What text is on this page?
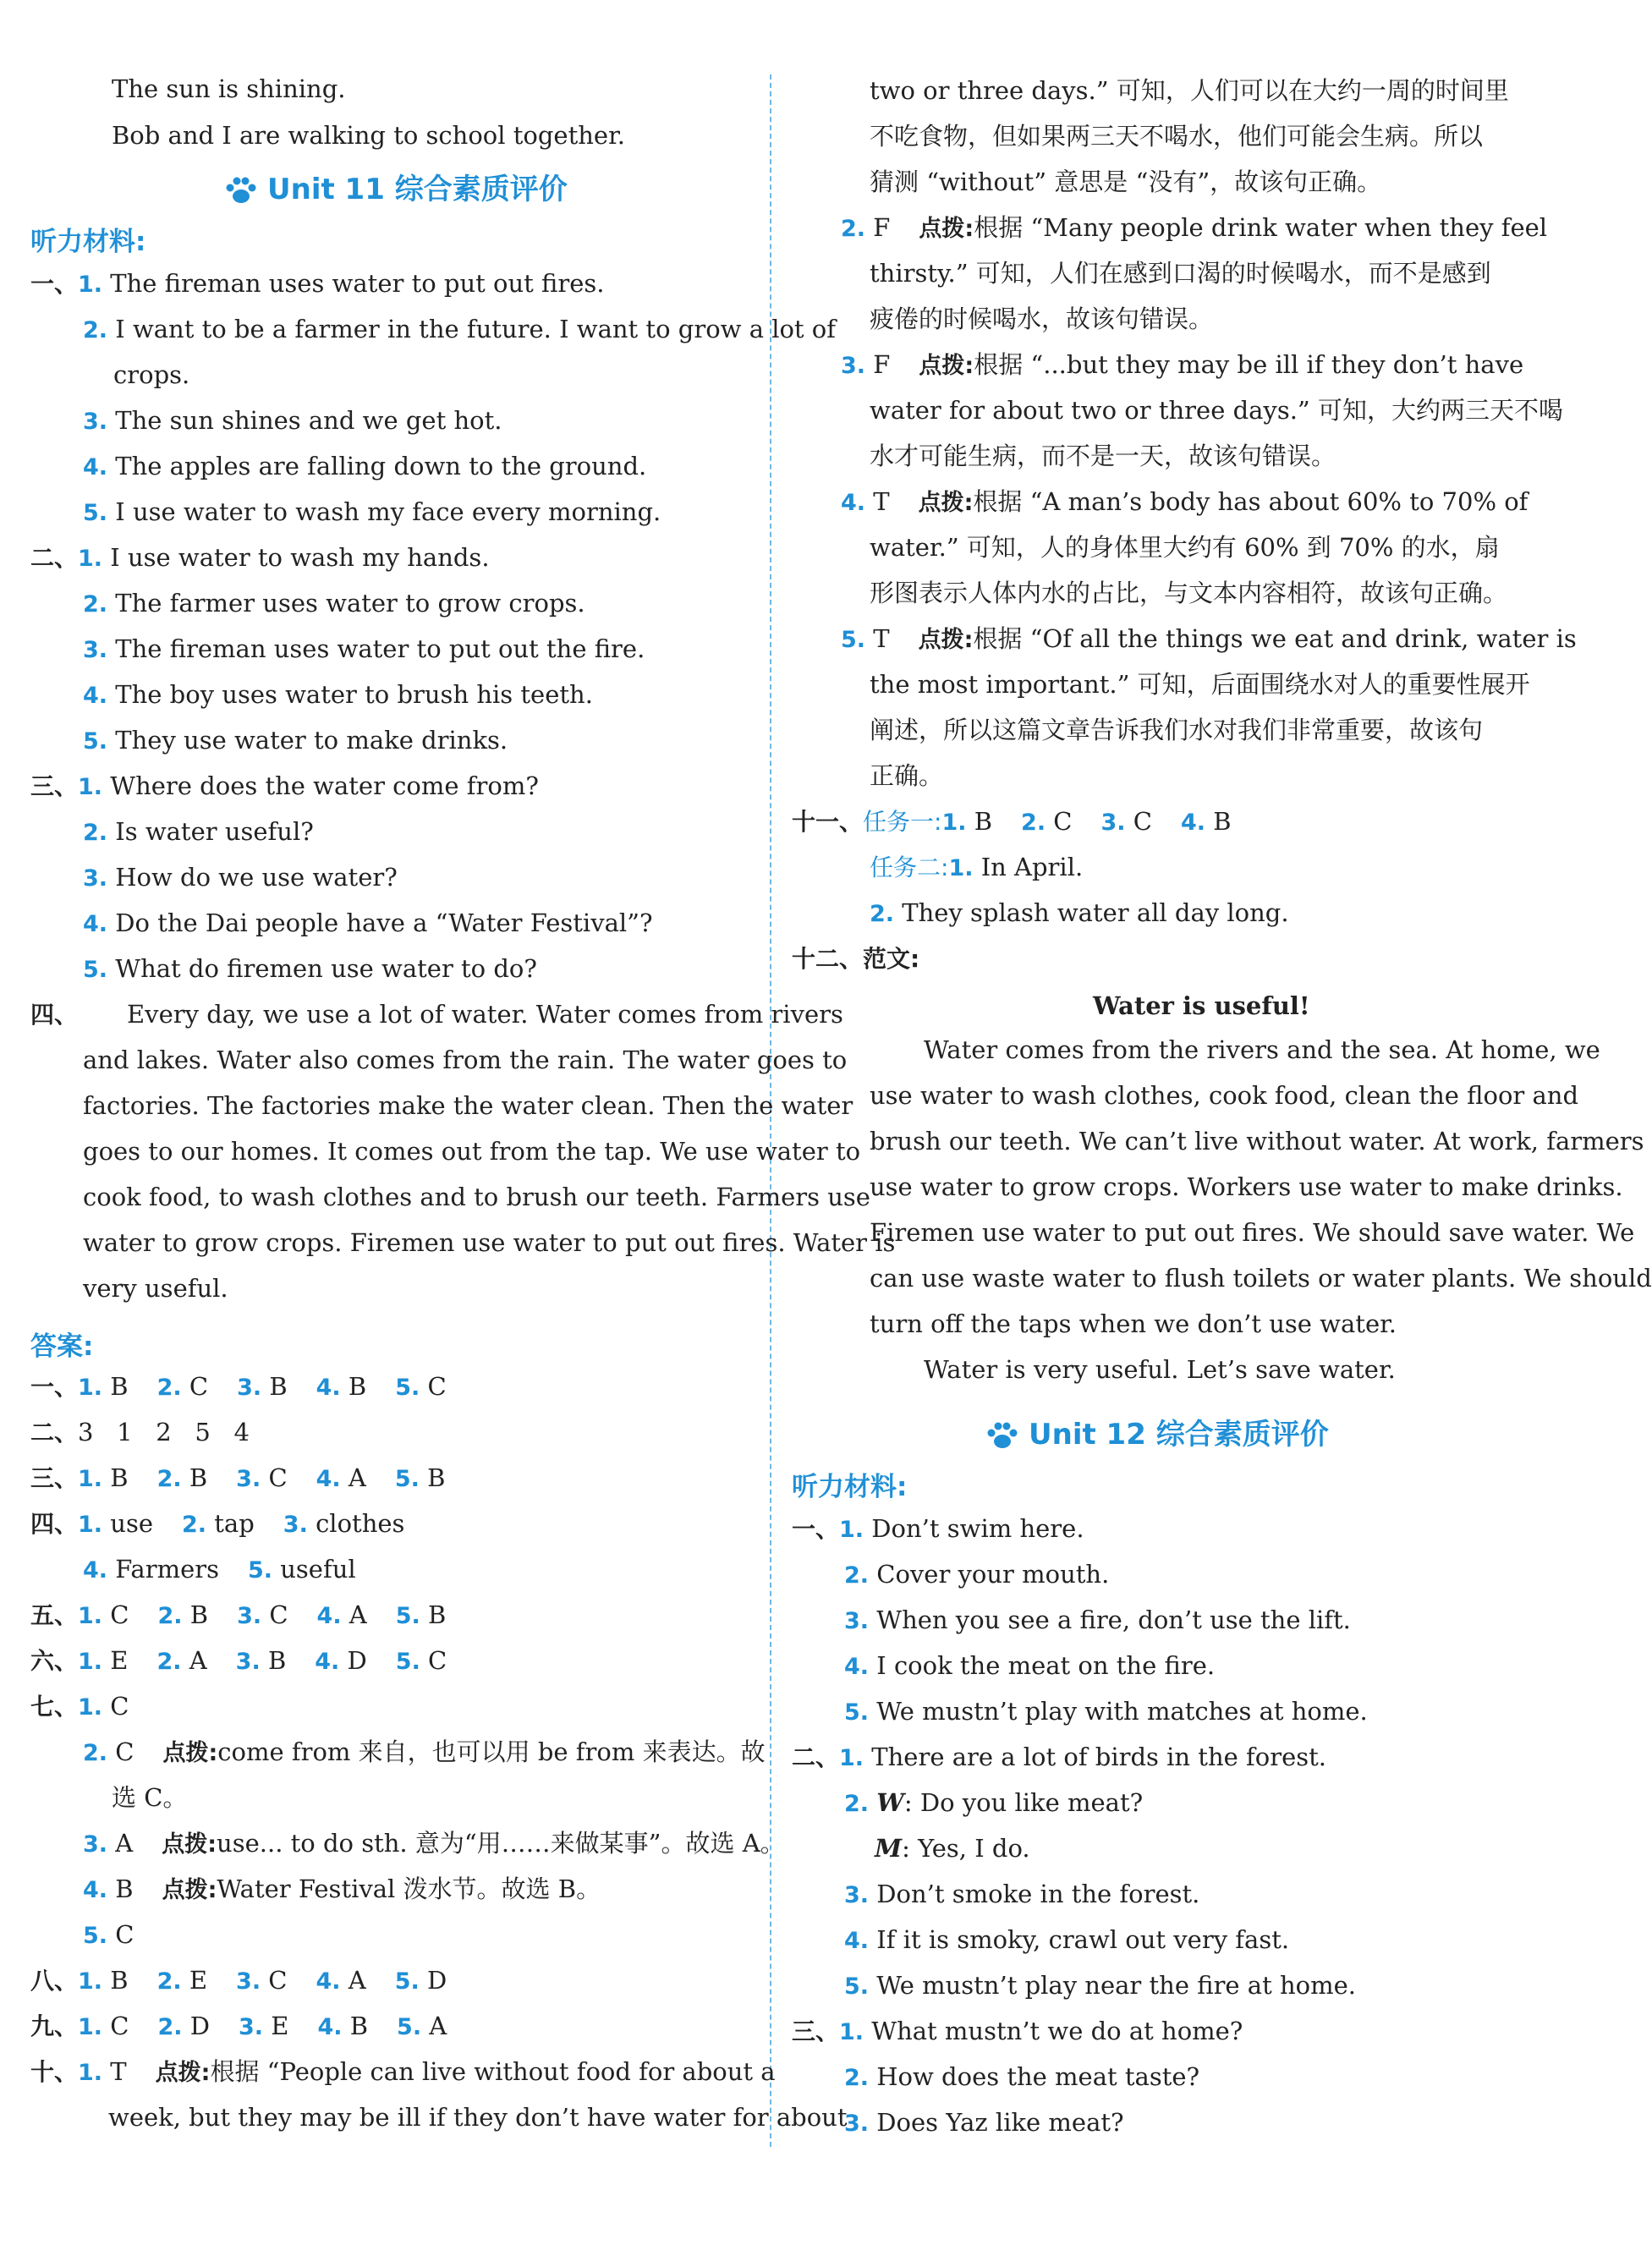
The sun is shining.
Bob and I are walking to school together.
Unit 11 综合素质评价
听力材料:
一、1. The fireman uses water to put out fires.
2. I want to be a farmer in the future. I want to grow a lot of
crops.
3. The sun shines and we get hot.
4. The apples are falling down to the ground.
5. I use water to wash my face every morning.
二、1. I use water to wash my hands.
2. The farmer uses water to grow crops.
3. The fireman uses water to put out the fire.
4. The boy uses water to brush his teeth.
5. They use water to make drinks.
三、1. Where does the water come from?
2. Is water useful?
3. How do we use water?
4. Do the Dai people have a “Water Festival”?
5. What do firemen use water to do?
四、 Every day, we use a lot of water. Water comes from rivers
and lakes. Water also comes from the rain. The water goes to
factories. The factories make the water clean. Then the water
goes to our homes. It comes out from the tap. We use water to
cook food, to wash clothes and to brush our teeth. Farmers use
water to grow crops. Firemen use water to put out fires. Water is
very useful.
答案:
一、1. B 2. C 3. B 4. B 5. C
二、3   1   2   5   4
三、1. B 2. B 3. C 4. A 5. B
四、1. use 2. tap 3. clothes
4. Farmers 5. useful
五、1. C 2. B 3. C 4. A 5. B
六、1. E 2. A 3. B 4. D 5. C
七、1. C
2. C 点拨:come from 来自，也可以用 be from 来表达。故
选 C。
3. A 点拨:use... to do sth. 意为“用……来做某事”。故选 A。
4. B 点拨:Water Festival 泼水节。故选 B。
5. C
八、1. B 2. E 3. C 4. A 5. D
九、1. C 2. D 3. E 4. B 5. A
十、1. T 点拨:根据 “People can live without food for about a
week, but they may be ill if they don’t have water for about
two or three days.” 可知，人们可以在大约一周的时间里
不吃食物，但如果两三天不喝水，他们可能会生病。所以
猜测 “without” 意思是 “没有”，故该句正确。
2. F 点拨:根据 “Many people drink water when they feel
thirsty.” 可知，人们在感到口渴的时候喝水，而不是感到
疲倦的时候喝水，故该句错误。
3. F 点拨:根据 “...but they may be ill if they don’t have
water for about two or three days.” 可知，大约两三天不喝
水才可能生病，而不是一天，故该句错误。
4. T 点拨:根据 “A man’s body has about 60% to 70% of
water.” 可知，人的身体里大约有 60% 到 70% 的水，扇
形图表示人体内水的占比，与文本内容相符，故该句正确。
5. T 点拨:根据 “Of all the things we eat and drink, water is
the most important.” 可知，后面围绕水对人的重要性展开
阐述，所以这篇文章告诉我们水对我们非常重要，故该句
正确。
十一、任务一:1. B 2. C 3. C 4. B
任务二:1. In April.
2. They splash water all day long.
十二、范文:
Water is useful!
Water comes from the rivers and the sea. At home, we
use water to wash clothes, cook food, clean the floor and
brush our teeth. We can’t live without water. At work, farmers
use water to grow crops. Workers use water to make drinks.
Firemen use water to put out fires. We should save water. We
can use waste water to flush toilets or water plants. We should
turn off the taps when we don’t use water.
Water is very useful. Let’s save water.
Unit 12 综合素质评价
听力材料:
一、1. Don’t swim here.
2. Cover your mouth.
3. When you see a fire, don’t use the lift.
4. I cook the meat on the fire.
5. We mustn’t play with matches at home.
二、1. There are a lot of birds in the forest.
2. W: Do you like meat?
M: Yes, I do.
3. Don’t smoke in the forest.
4. If it is smoky, crawl out very fast.
5. We mustn’t play near the fire at home.
三、1. What mustn’t we do at home?
2. How does the meat taste?
3. Does Yaz like meat?
